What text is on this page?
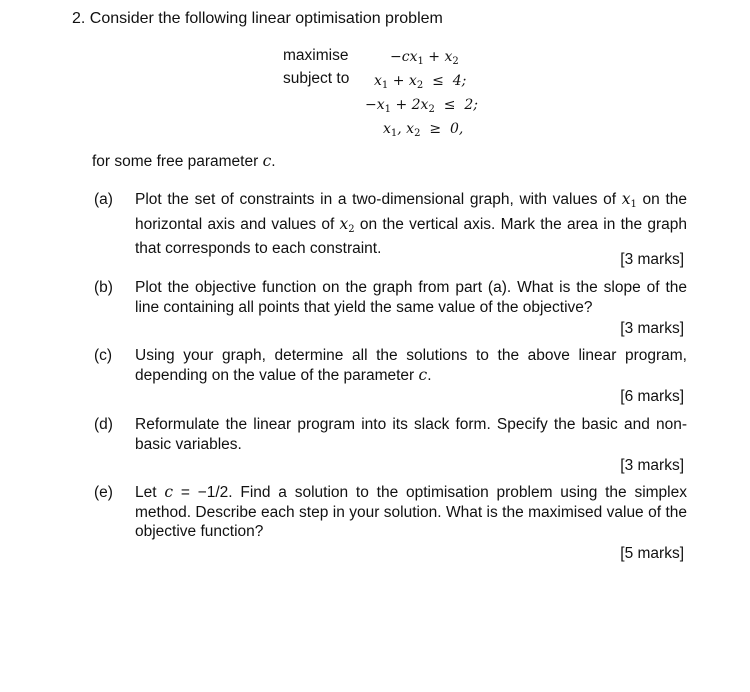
2. Consider the following linear optimisation problem
maximise	$-cx_1 + x_2$
subject to $x_1 + x_2 \le 4$;
$-x_1 + 2x_2 \le 2$;
$x_1$, $x_2 \ge 0$,
for some free parameter c.
(a)	Plot the set of constraints in a two-dimensional graph, with values of $x_1$ on the horizontal axis and values of $x_2$ on the vertical axis. Mark the area in the graph that corresponds to each constraint.
[3 marks]
(b)	Plot the objective function on the graph from part (a). What is the slope of the line containing all points that yield the same value of the objective?
[3 marks]
(c)	Using your graph, determine all the solutions to the above linear program, depending on the value of the parameter c.
[6 marks]
(d)	Reformulate the linear program into its slack form. Specify the basic and non-basic variables.
[3 marks]
(e)	Let c = −1/2. Find a solution to the optimisation problem using the simplex method. Describe each step in your solution. What is the maximised value of the objective function?
[5 marks]
